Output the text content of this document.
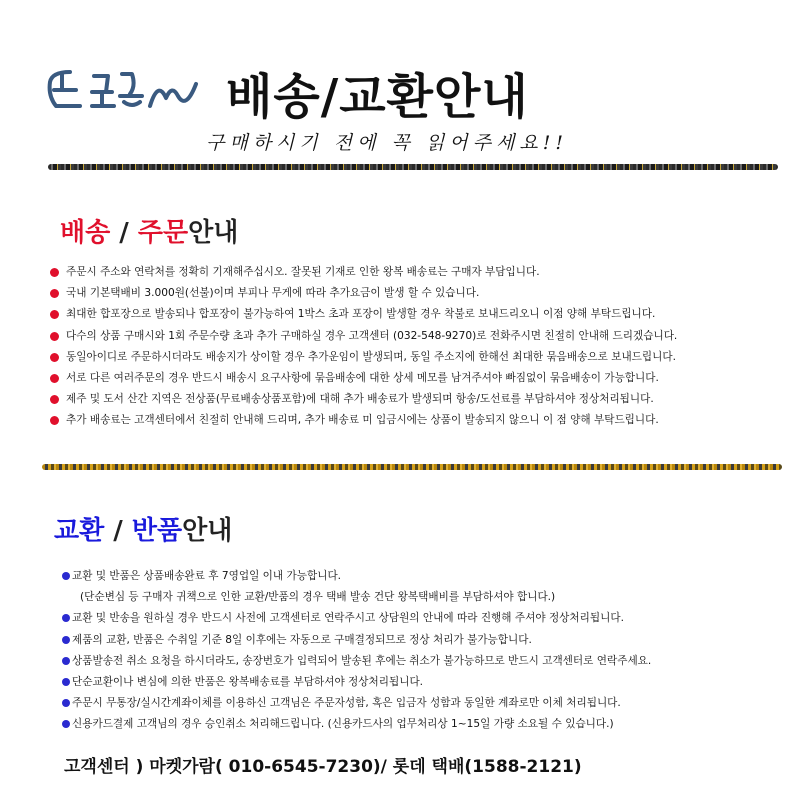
배송/교환안내
구매하시기 전에 꼭 읽어주세요!!
배송 / 주문안내
주문시 주소와 연락처를 정확히 기재해주십시오. 잘못된 기재로 인한 왕복 배송료는 구매자 부담입니다.
국내 기본택배비 3.000원(선불)이며 부피나 무게에 따라 추가요금이 발생 할 수 있습니다.
최대한 합포장으로 발송되나 합포장이 불가능하여 1박스 초과 포장이 발생할 경우 착불로 보내드리오니 이점 양해 부탁드립니다.
다수의 상품 구매시와 1회 주문수량 초과 추가 구매하실 경우 고객센터 (032-548-9270)로 전화주시면 친절히 안내해 드리겠습니다.
동일아이디로 주문하시더라도 배송지가 상이할 경우 추가운임이 발생되며, 동일 주소지에 한해선 최대한 묶음배송으로 보내드립니다.
서로 다른 여러주문의 경우 반드시 배송시 요구사항에 묶음배송에 대한 상세 메모를 남겨주셔야 빠짐없이 묶음배송이 가능합니다.
제주 및 도서 산간 지역은 전상품(무료배송상품포함)에 대해 추가 배송료가 발생되며 항송/도선료를 부담하셔야 정상처리됩니다.
추가 배송료는 고객센터에서 친절히 안내해 드리며, 추가 배송료 미 입금시에는 상품이 발송되지 않으니 이 점 양해 부탁드립니다.
교환 / 반품안내
교환 및 반품은 상품배송완료 후 7영업일 이내 가능합니다.
(단순변심 등 구매자 귀책으로 인한 교환/반품의 경우 택배 발송 건단 왕복택배비를 부담하셔야 합니다.)
교환 및 반송을 원하실 경우 반드시 사전에 고객센터로 연락주시고 상담원의 안내에 따라 진행해 주셔야 정상처리됩니다.
제품의 교환, 반품은 수취일 기준 8일 이후에는 자동으로 구매결정되므로 정상 처리가 불가능합니다.
상품발송전 취소 요청을 하시더라도, 송장번호가 입력되어 발송된 후에는 취소가 불가능하므로 반드시 고객센터로 연락주세요.
단순교환이나 변심에 의한 반품은 왕복배송료를 부담하셔야 정상처리됩니다.
주문시 무통장/실시간계좌이체를 이용하신 고객님은 주문자성함, 혹은 입금자 성함과 동일한 계좌로만 이체 처리됩니다.
신용카드결제 고객님의 경우 승인취소 처리해드립니다. (신용카드사의 업무처리상 1~15일 가량 소요될 수 있습니다.)
고객센터 ) 마켓가람( 010-6545-7230)/ 롯데 택배(1588-2121)
